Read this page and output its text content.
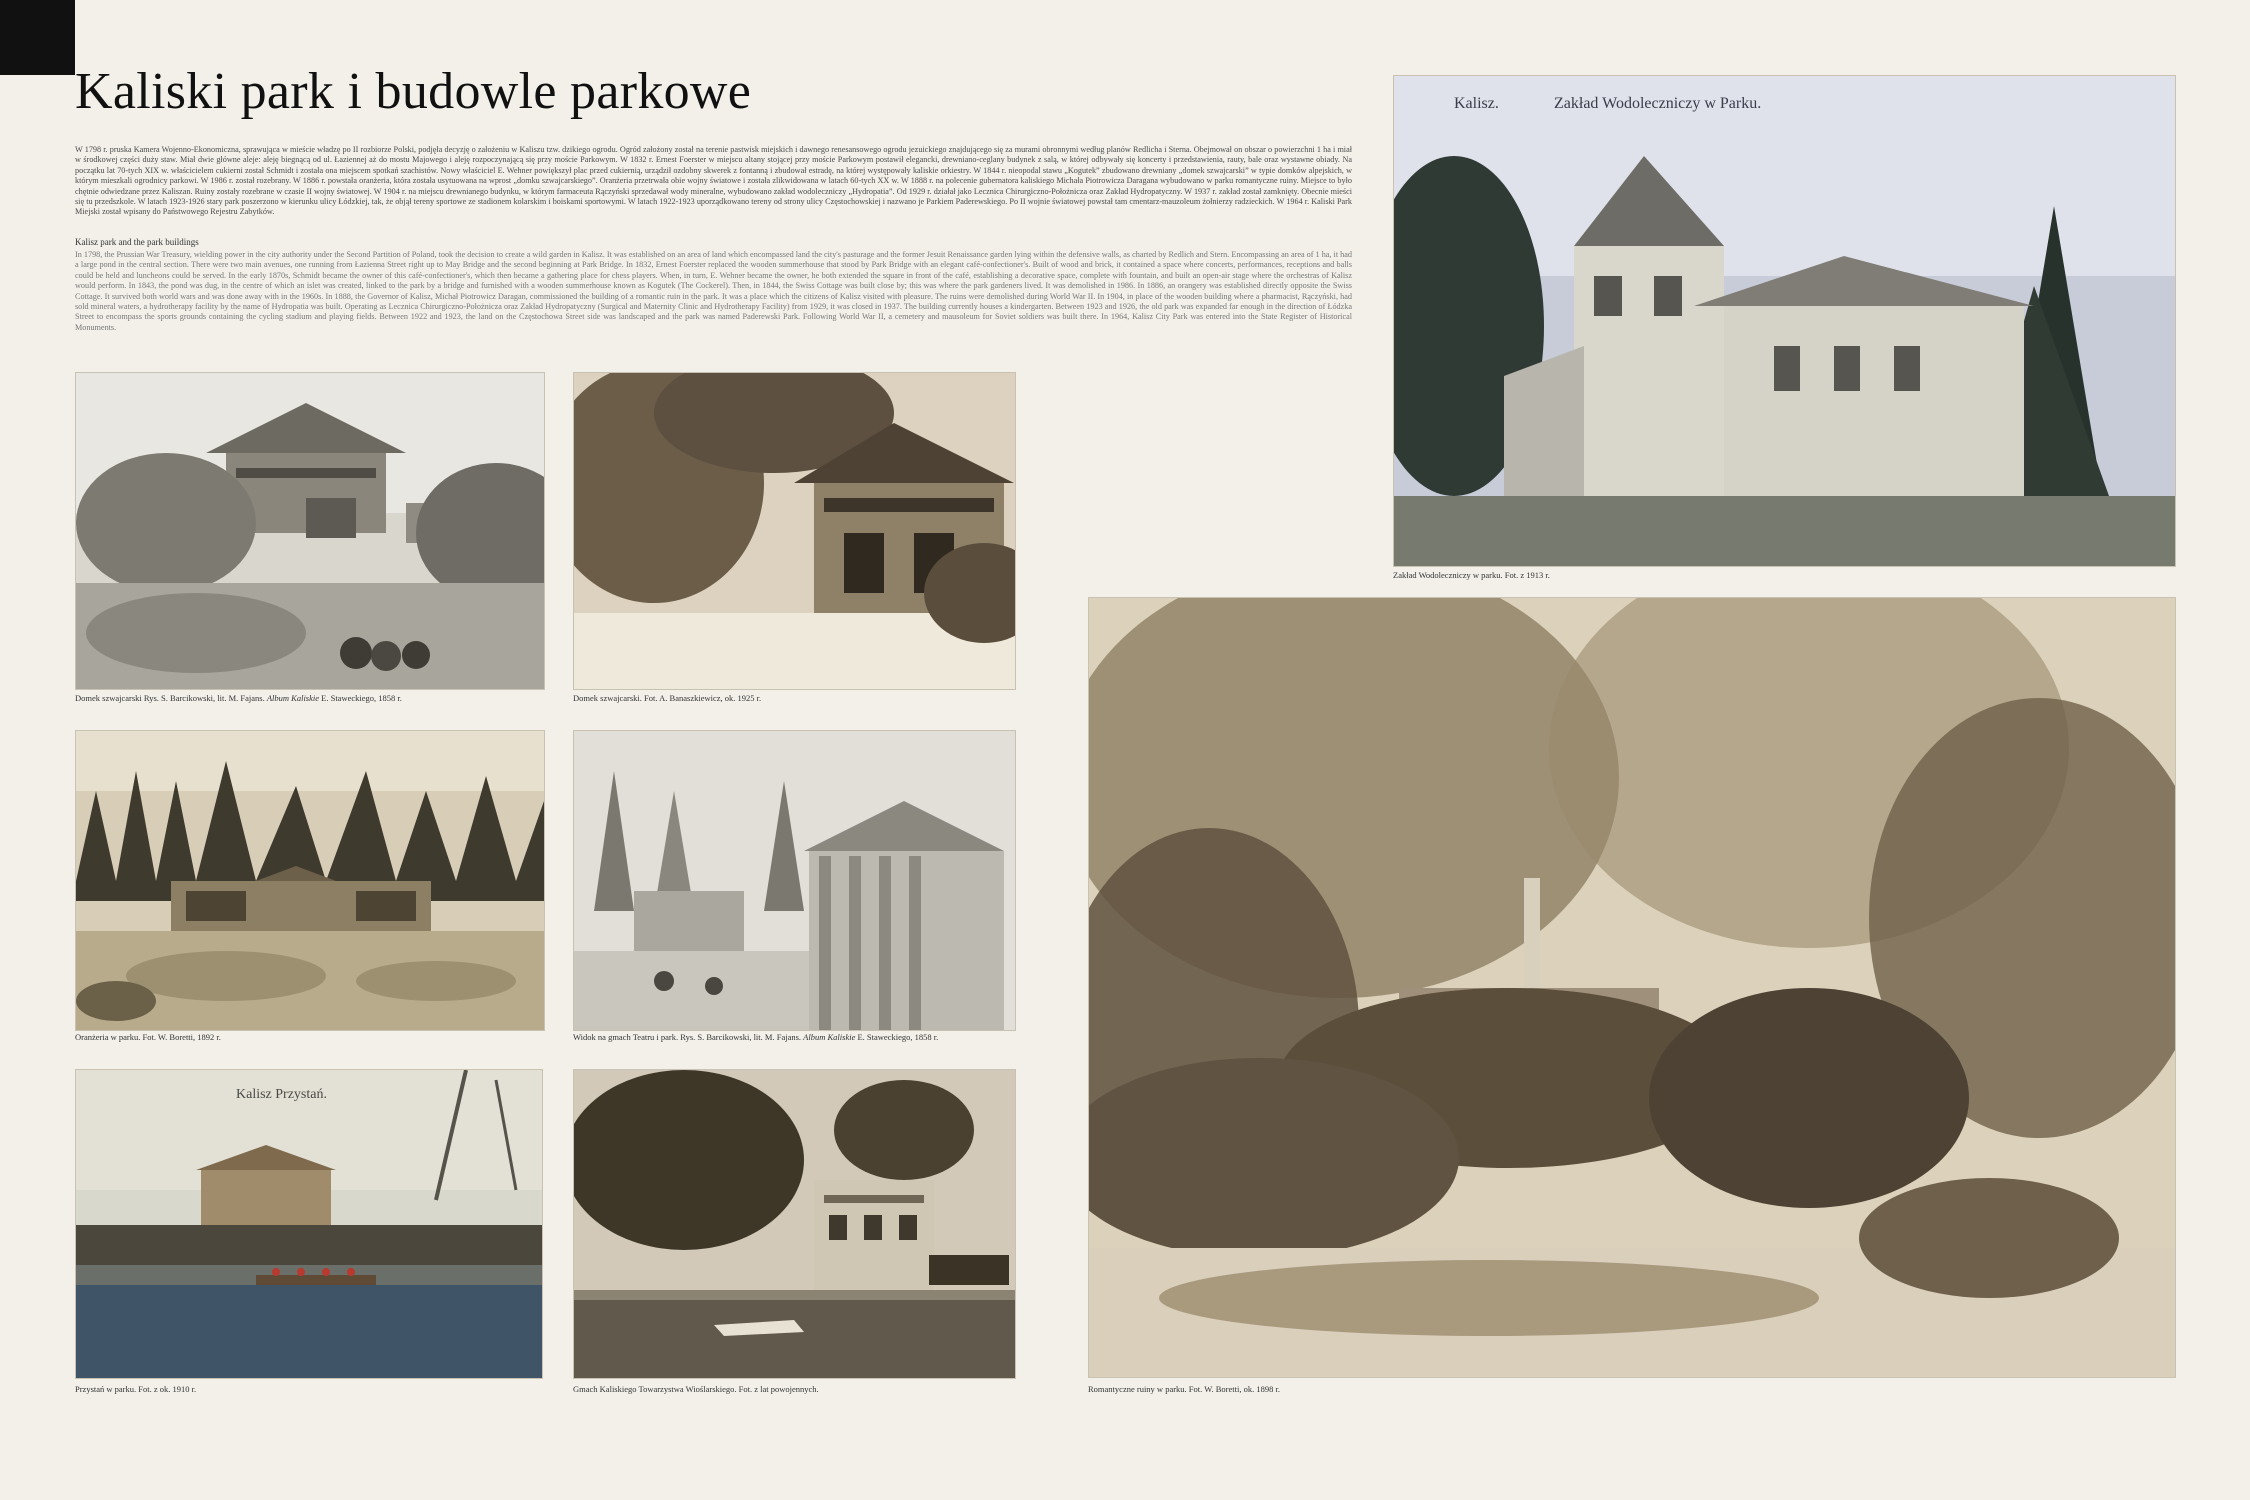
Kaliski park i budowle parkowe

W 1798 r. pruska Kamera Wojenno-Ekonomiczna, sprawująca w mieście władzę po II rozbiorze Polski, podjęła decyzję o założeniu w Kaliszu tzw. dzikiego ogrodu. Ogród założony został na terenie pastwisk miejskich i dawnego renesansowego ogrodu jezuickiego znajdującego się za murami obronnymi według planów Redlicha i Sterna. Obejmował on obszar o powierzchni 1 ha i miał w środkowej części duży staw. Miał dwie główne aleje: aleję biegnącą od ul. Łaziennej aż do mostu Majowego i aleję rozpoczynającą się przy moście Parkowym. W 1832 r. Ernest Foerster w miejscu altany stojącej przy moście Parkowym postawił elegancki, drewniano-ceglany budynek z salą, w której odbywały się koncerty i przedstawienia, rauty, bale oraz wystawne obiady. Na początku lat 70-tych XIX w. właścicielem cukierni został Schmidt i została ona miejscem spotkań szachistów. Nowy właściciel E. Wehner powiększył plac przed cukiernią, urządził ozdobny skwerek z fontanną i zbudował estradę, na której występowały kaliskie orkiestry. W 1844 r. nieopodal stawu „Kogutek” zbudowano drewniany „domek szwajcarski” w typie domków alpejskich, w którym mieszkali ogrodnicy parkowi. W 1986 r. został rozebrany. W 1886 r. powstała oranżeria, która została usytuowana na wprost „domku szwajcarskiego”. Oranżeria przetrwała obie wojny światowe i została zlikwidowana w latach 60-tych XX w. W 1888 r. na polecenie gubernatora kaliskiego Michała Piotrowicza Daragana wybudowano w parku romantyczne ruiny. Miejsce to było chętnie odwiedzane przez Kaliszan. Ruiny zostały rozebrane w czasie II wojny światowej. W 1904 r. na miejscu drewnianego budynku, w którym farmaceuta Rączyński sprzedawał wody mineralne, wybudowano zakład wodoleczniczy „Hydropatia”. Od 1929 r. działał jako Lecznica Chirurgiczno-Położnicza oraz Zakład Hydropatyczny. W 1937 r. zakład został zamknięty. Obecnie mieści się tu przedszkole. W latach 1923-1926 stary park poszerzono w kierunku ulicy Łódzkiej, tak, że objął tereny sportowe ze stadionem kolarskim i boiskami sportowymi. W latach 1922-1923 uporządkowano tereny od strony ulicy Częstochowskiej i nazwano je Parkiem Paderewskiego. Po II wojnie światowej powstał tam cmentarz-mauzoleum żołnierzy radzieckich. W 1964 r. Kaliski Park Miejski został wpisany do Państwowego Rejestru Zabytków.

Kalisz park and the park buildings

In 1798, the Prussian War Treasury, wielding power in the city authority under the Second Partition of Poland, took the decision to create a wild garden in Kalisz. It was established on an area of land which encompassed land the city's pasturage and the former Jesuit Renaissance garden lying within the defensive walls, as charted by Redlich and Stern. Encompassing an area of 1 ha, it had a large pond in the central section. There were two main avenues, one running from Łazienna Street right up to May Bridge and the second beginning at Park Bridge. In 1832, Ernest Foerster replaced the wooden summerhouse that stood by Park Bridge with an elegant café-confectioner's. Built of wood and brick, it contained a space where concerts, performances, receptions and balls could be held and luncheons could be served. In the early 1870s, Schmidt became the owner of this café-confectioner's, which then became a gathering place for chess players. When, in turn, E. Wehner became the owner, he both extended the square in front of the café, establishing a decorative space, complete with fountain, and built an open-air stage where the orchestras of Kalisz would perform. In 1843, the pond was dug, in the centre of which an islet was created, linked to the park by a bridge and furnished with a wooden summerhouse known as Kogutek (The Cockerel). Then, in 1844, the Swiss Cottage was built close by; this was where the park gardeners lived. It was demolished in 1986. In 1886, an orangery was established directly opposite the Swiss Cottage. It survived both world wars and was done away with in the 1960s. In 1888, the Governor of Kalisz, Michał Piotrowicz Daragan, commissioned the building of a romantic ruin in the park. It was a place which the citizens of Kalisz visited with pleasure. The ruins were demolished during World War II. In 1904, in place of the wooden building where a pharmacist, Rączyński, had sold mineral waters, a hydrotherapy facility by the name of Hydropatia was built. Operating as Lecznica Chirurgiczno-Położnicza oraz Zakład Hydropatyczny (Surgical and Maternity Clinic and Hydrotherapy Facility) from 1929, it was closed in 1937. The building currently houses a kindergarten. Between 1923 and 1926, the old park was expanded far enough in the direction of Łódzka Street to encompass the sports grounds containing the cycling stadium and playing fields. Between 1922 and 1923, the land on the Częstochowa Street side was landscaped and the park was named Paderewski Park. Following World War II, a cemetery and mausoleum for Soviet soldiers was built there. In 1964, Kalisz City Park was entered into the State Register of Historical Monuments.

Domek szwajcarski Rys. S. Barcikowski, lit. M. Fajans. Album Kaliskie E. Staweckiego, 1858 r.	Domek szwajcarski. Fot. A. Banaszkiewicz, ok. 1925 r.

Oranżeria w parku. Fot. W. Boretti, 1892 r.	Widok na gmach Teatru i park. Rys. S. Barcikowski, lit. M. Fajans. Album Kaliskie E. Staweckiego, 1858 r.

Kalisz Przystań.

Przystań w parku. Fot. z ok. 1910 r.	Gmach Kaliskiego Towarzystwa Wioślarskiego. Fot. z lat powojennych.

Kalisz.	Zakład Wodoleczniczy w Parku.

Zakład Wodoleczniczy w parku. Fot. z 1913 r.

Romantyczne ruiny w parku. Fot. W. Boretti, ok. 1898 r.
